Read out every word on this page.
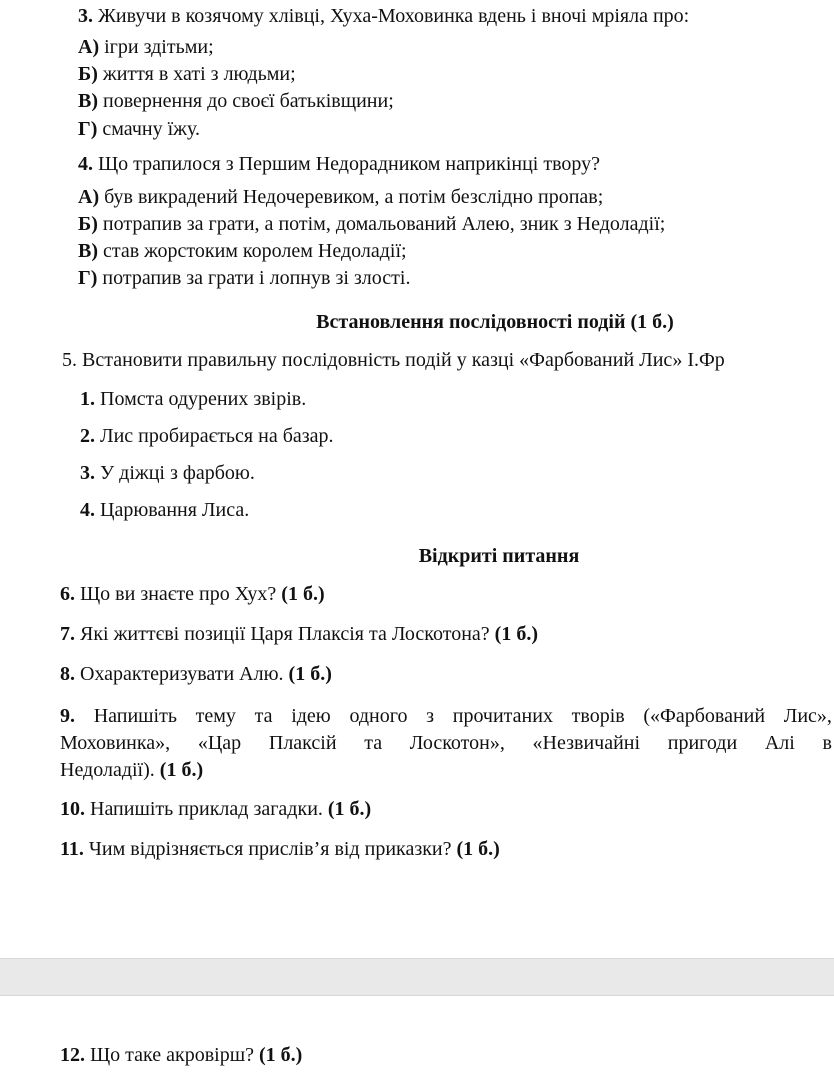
3. Живучи в козячому хлівці, Хуха-Моховинка вдень і вночі мріяла про:
А) ігри здітьми;
Б) життя в хаті з людьми;
В) повернення до своєї батьківщини;
Г) смачну їжу.
4. Що трапилося з Першим Недорадником наприкінці твору?
А) був викрадений Недочеревиком, а потім безслідно пропав;
Б) потрапив за грати, а потім, домальований Алею, зник з Недоладії;
В) став жорстоким королем Недоладії;
Г) потрапив за грати і лопнув зі злості.
Встановлення послідовності подій (1 б.)
5. Встановити правильну послідовність подій у казці «Фарбований Лис» І.Фр
1. Помста одурених звірів.
2. Лис пробирається на базар.
3. У діжці з фарбою.
4. Царювання Лиса.
Відкриті питання
6. Що ви знаєте про Хух? (1 б.)
7. Які життєві позиції Царя Плаксія та Лоскотона? (1 б.)
8. Охарактеризувати Алю. (1 б.)
9. Напишіть тему та ідею одного з прочитаних творів («Фарбований Лис»,
Моховинка», «Цар Плаксій та Лоскотон», «Незвичайні пригоди Алі в
Недоладії). (1 б.)
10. Напишіть приклад загадки. (1 б.)
11. Чим відрізняється прислів’я від приказки? (1 б.)
12. Що таке акровірш? (1 б.)
